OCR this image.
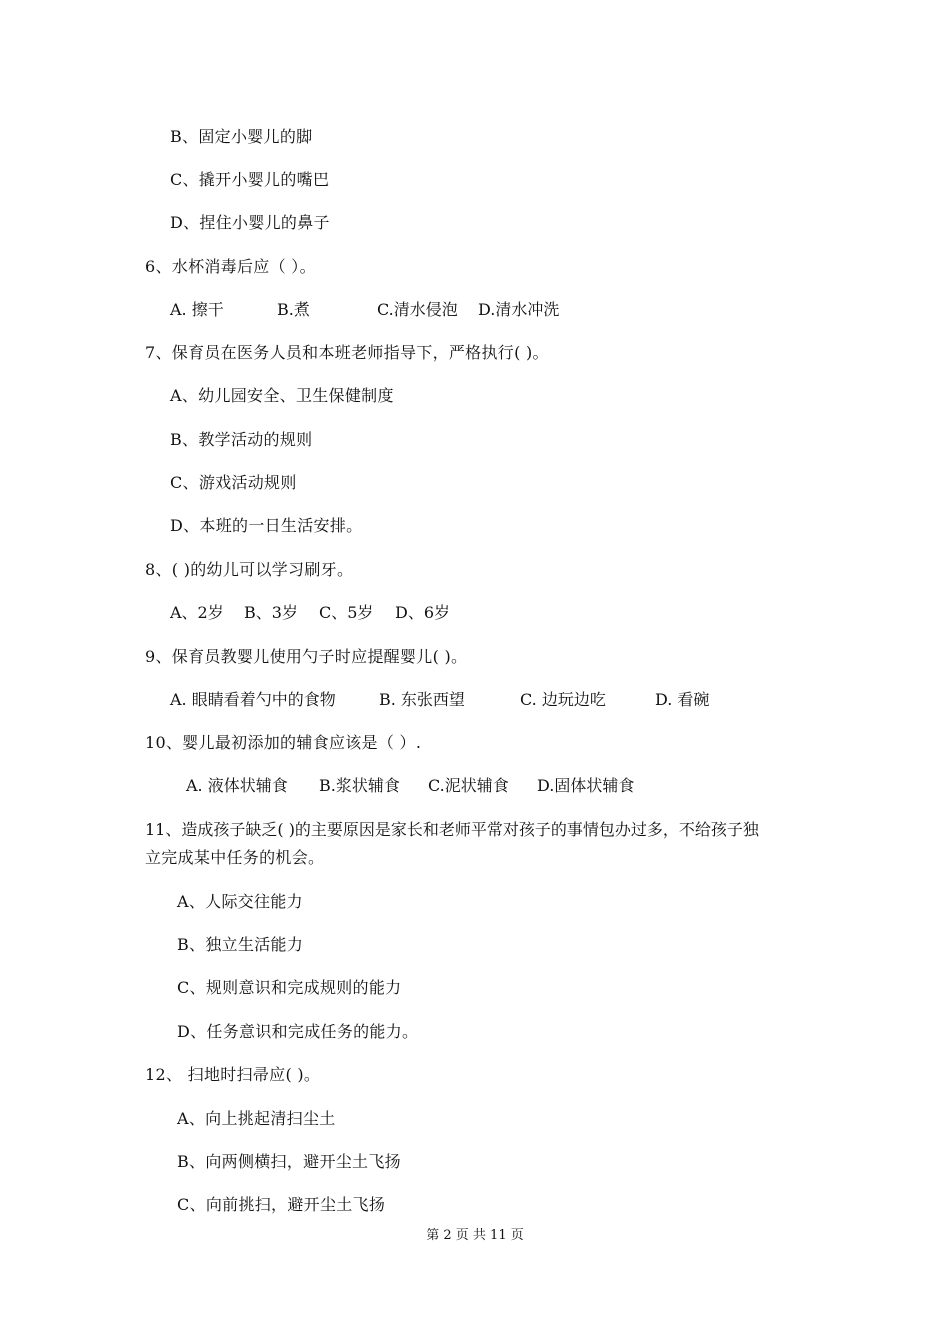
B、固定小婴儿的脚
C、撬开小婴儿的嘴巴
D、捏住小婴儿的鼻子
6、水杯消毒后应（ ）。
A. 擦干	B.煮	C.清水侵泡 D.清水冲洗
7、保育员在医务人员和本班老师指导下，严格执行( )。
A、幼儿园安全、卫生保健制度
B、教学活动的规则
C、游戏活动规则
D、本班的一日生活安排。
8、( )的幼儿可以学习刷牙。
A、2岁 B、3岁 C、5岁 D、6岁
9、保育员教婴儿使用勺子时应提醒婴儿( )。
A. 眼睛看着勺中的食物	B. 东张西望	C. 边玩边吃	D. 看碗
10、婴儿最初添加的辅食应该是（ ）.
A. 液体状辅食 B.浆状辅食 C.泥状辅食 D.固体状辅食
11、造成孩子缺乏( )的主要原因是家长和老师平常对孩子的事情包办过多，不给孩子独
立完成某中任务的机会。
A、人际交往能力
B、独立生活能力
C、规则意识和完成规则的能力
D、任务意识和完成任务的能力。
12、 扫地时扫帚应( )。
A、向上挑起清扫尘土
B、向两侧横扫，避开尘土飞扬
C、向前挑扫，避开尘土飞扬
第 2 页 共 11 页
